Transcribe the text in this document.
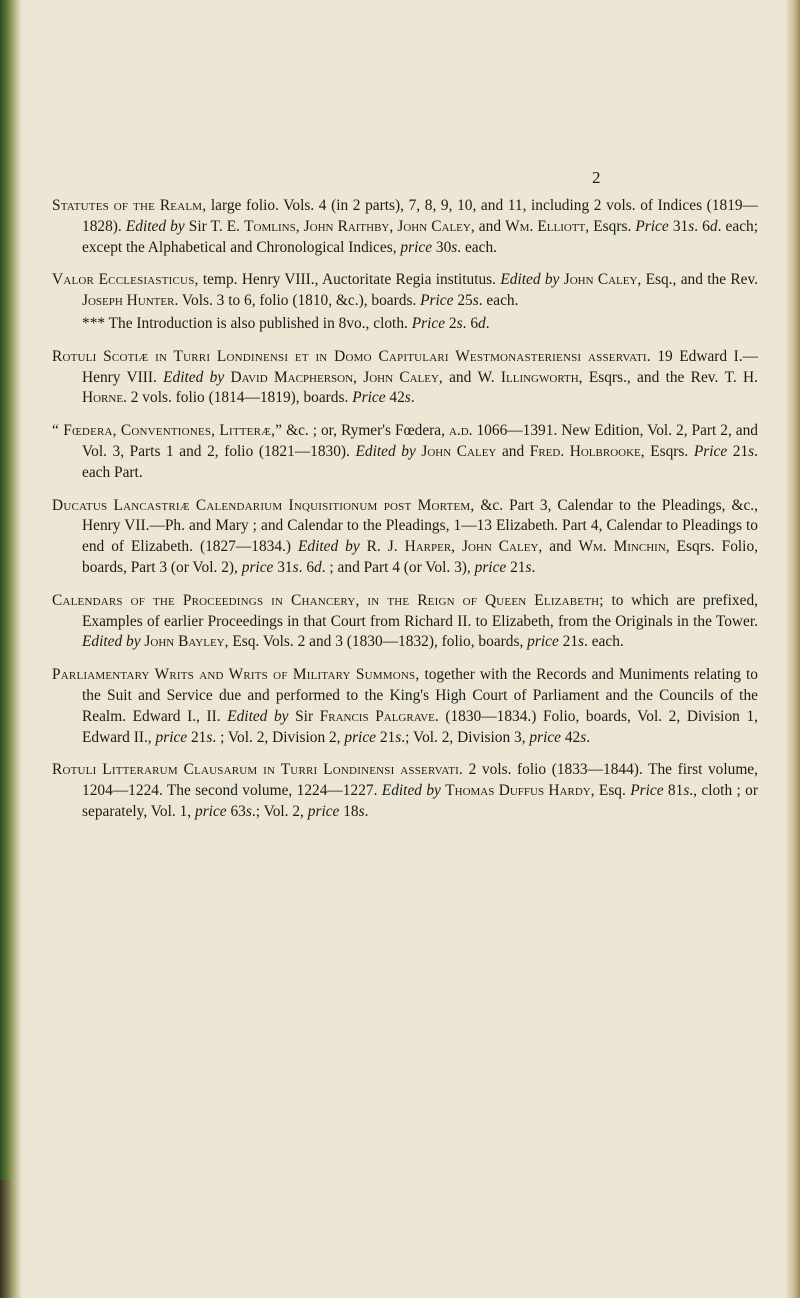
2

Statutes of the Realm, large folio. Vols. 4 (in 2 parts), 7, 8, 9, 10, and 11, including 2 vols. of Indices (1819—1828). Edited by Sir T. E. Tomlins, John Raithby, John Caley, and Wm. Elliott, Esqrs. Price 31s. 6d. each; except the Alphabetical and Chronological Indices, price 30s. each.

Valor Ecclesiasticus, temp. Henry VIII., Auctoritate Regia institutus. Edited by John Caley, Esq., and the Rev. Joseph Hunter. Vols. 3 to 6, folio (1810, &c.), boards. Price 25s. each.

*** The Introduction is also published in 8vo., cloth. Price 2s. 6d.

Rotuli Scotiæ in Turri Londinensi et in Domo Capitulari Westmonasteriensi asservati. 19 Edward I.—Henry VIII. Edited by David Macpherson, John Caley, and W. Illingworth, Esqrs., and the Rev. T. H. Horne. 2 vols. folio (1814—1819), boards. Price 42s.

“ Fœdera, Conventiones, Litteræ,” &c. ; or, Rymer's Fœdera, a.d. 1066—1391. New Edition, Vol. 2, Part 2, and Vol. 3, Parts 1 and 2, folio (1821—1830). Edited by John Caley and Fred. Holbrooke, Esqrs. Price 21s. each Part.

Ducatus Lancastriæ Calendarium Inquisitionum post Mortem, &c. Part 3, Calendar to the Pleadings, &c., Henry VII.—Ph. and Mary ; and Calendar to the Pleadings, 1—13 Elizabeth. Part 4, Calendar to Pleadings to end of Elizabeth. (1827—1834.) Edited by R. J. Harper, John Caley, and Wm. Minchin, Esqrs. Folio, boards, Part 3 (or Vol. 2), price 31s. 6d. ; and Part 4 (or Vol. 3), price 21s.

Calendars of the Proceedings in Chancery, in the Reign of Queen Elizabeth; to which are prefixed, Examples of earlier Proceedings in that Court from Richard II. to Elizabeth, from the Originals in the Tower. Edited by John Bayley, Esq. Vols. 2 and 3 (1830—1832), folio, boards, price 21s. each.

Parliamentary Writs and Writs of Military Summons, together with the Records and Muniments relating to the Suit and Service due and performed to the King's High Court of Parliament and the Councils of the Realm. Edward I., II. Edited by Sir Francis Palgrave. (1830—1834.) Folio, boards, Vol. 2, Division 1, Edward II., price 21s. ; Vol. 2, Division 2, price 21s.; Vol. 2, Division 3, price 42s.

Rotuli Litterarum Clausarum in Turri Londinensi asservati. 2 vols. folio (1833—1844). The first volume, 1204—1224. The second volume, 1224—1227. Edited by Thomas Duffus Hardy, Esq. Price 81s., cloth ; or separately, Vol. 1, price 63s.; Vol. 2, price 18s.
